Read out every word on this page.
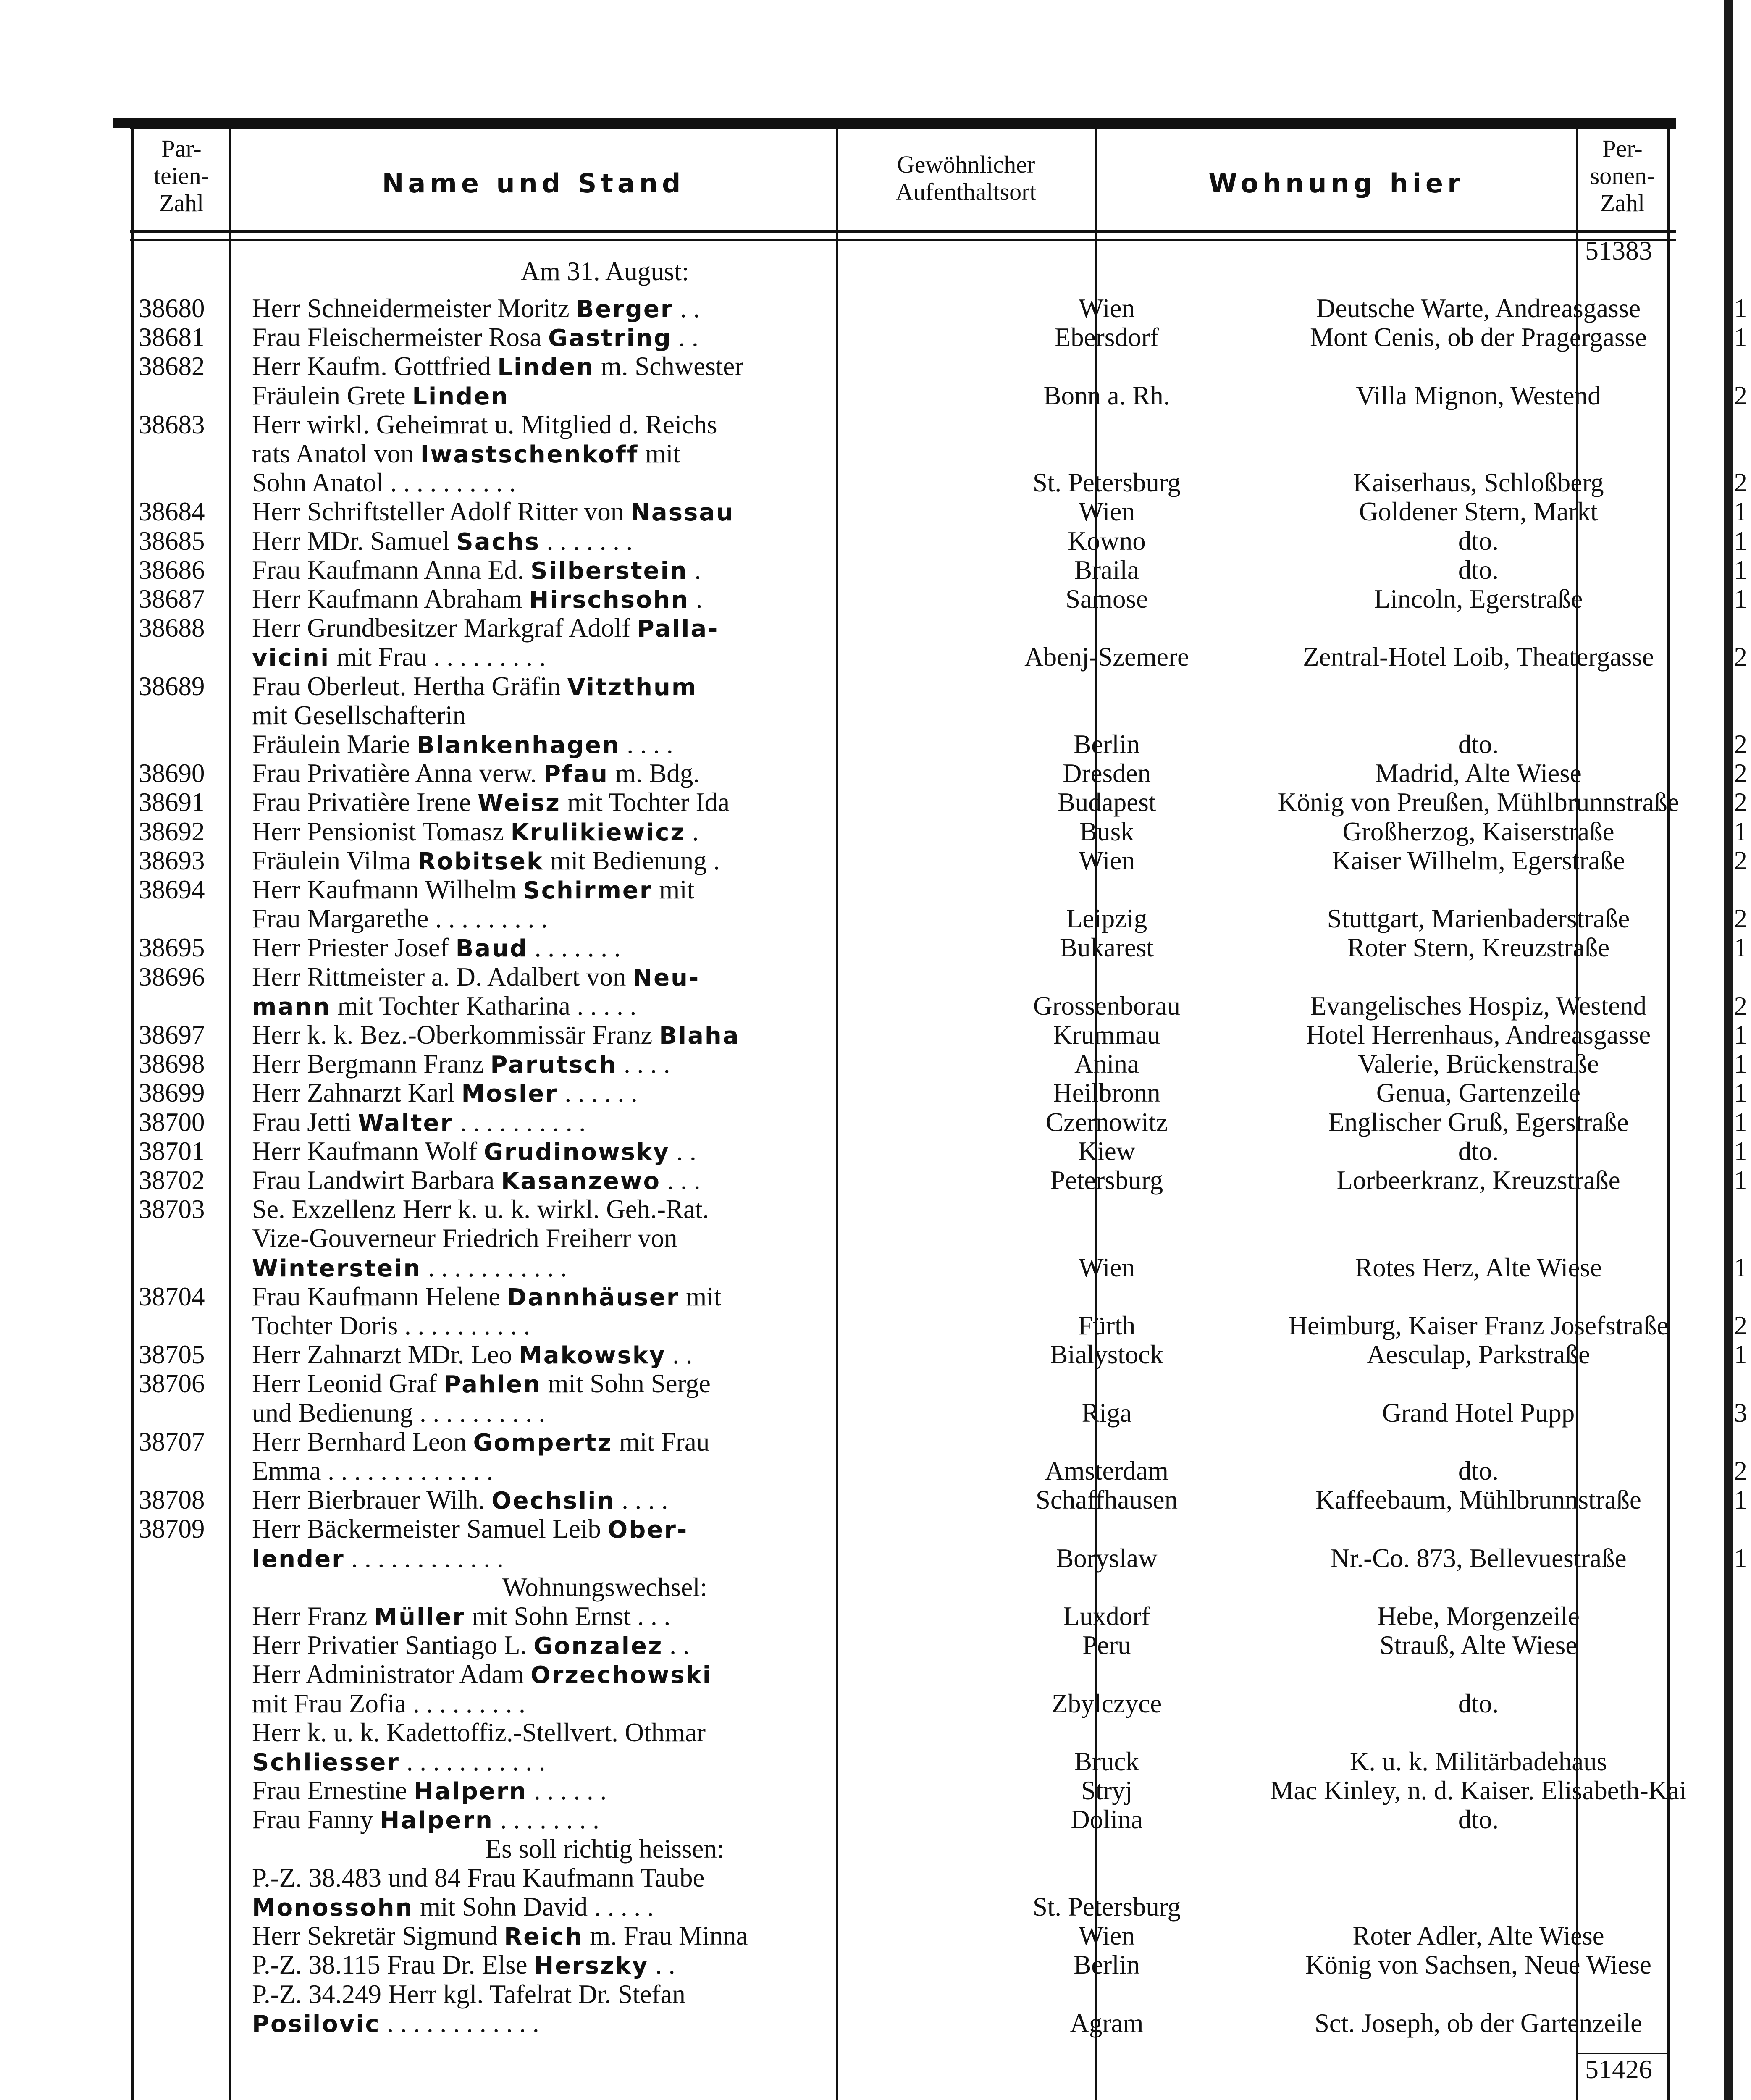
Par-
teien-
Zahl
Name und Stand
Gewöhnlicher
Aufenthaltsort	Wohnung hier
Per-
sonen-
Zahl
51383
Am 31. August:
38680	Herr Schneidermeister Moritz Berger . .	Wien	Deutsche Warte, Andreasgasse	1
38681	Frau Fleischermeister Rosa Gastring . .	Ebersdorf	Mont Cenis, ob der Pragergasse	1
38682	Herr Kaufm. Gottfried Linden m. Schwester
Fräulein Grete Linden	Bonn a. Rh.	Villa Mignon, Westend	2
38683	Herr wirkl. Geheimrat u. Mitglied d. Reichs
rats Anatol von Iwastschenkoff mit
Sohn Anatol . . . . . . . . . .	St. Petersburg	Kaiserhaus, Schloßberg	2
38684	Herr Schriftsteller Adolf Ritter von Nassau	Wien	Goldener Stern, Markt	1
38685	Herr MDr. Samuel Sachs . . . . . . .	Kowno	dto.	1
38686	Frau Kaufmann Anna Ed. Silberstein .	Braila	dto.	1
38687	Herr Kaufmann Abraham Hirschsohn .	Samose	Lincoln, Egerstraße	1
38688	Herr Grundbesitzer Markgraf Adolf Palla-
vicini mit Frau . . . . . . . . .	Abenj-Szemere	Zentral-Hotel Loib, Theatergasse	2
38689	Frau Oberleut. Hertha Gräfin Vitzthum
mit Gesellschafterin
Fräulein Marie Blankenhagen . . . .	Berlin	dto.	2
38690	Frau Privatière Anna verw. Pfau m. Bdg.	Dresden	Madrid, Alte Wiese	2
38691	Frau Privatière Irene Weisz mit Tochter Ida	Budapest	König von Preußen, Mühlbrunnstraße	2
38692	Herr Pensionist Tomasz Krulikiewicz .	Busk	Großherzog, Kaiserstraße	1
38693	Fräulein Vilma Robitsek mit Bedienung .	Wien	Kaiser Wilhelm, Egerstraße	2
38694	Herr Kaufmann Wilhelm Schirmer mit
Frau Margarethe . . . . . . . . .	Leipzig	Stuttgart, Marienbaderstraße	2
38695	Herr Priester Josef Baud . . . . . . .	Bukarest	Roter Stern, Kreuzstraße	1
38696	Herr Rittmeister a. D. Adalbert von Neu-
mann mit Tochter Katharina . . . . .	Grossenborau	Evangelisches Hospiz, Westend	2
38697	Herr k. k. Bez.-Oberkommissär Franz Blaha	Krummau	Hotel Herrenhaus, Andreasgasse	1
38698	Herr Bergmann Franz Parutsch . . . .	Anina	Valerie, Brückenstraße	1
38699	Herr Zahnarzt Karl Mosler . . . . . .	Heilbronn	Genua, Gartenzeile	1
38700	Frau Jetti Walter . . . . . . . . . .	Czernowitz	Englischer Gruß, Egerstraße	1
38701	Herr Kaufmann Wolf Grudinowsky . .	Kiew	dto.	1
38702	Frau Landwirt Barbara Kasanzewo . . .	Petersburg	Lorbeerkranz, Kreuzstraße	1
38703	Se. Exzellenz Herr k. u. k. wirkl. Geh.-Rat.
Vize-Gouverneur Friedrich Freiherr von
Winterstein . . . . . . . . . . .	Wien	Rotes Herz, Alte Wiese	1
38704	Frau Kaufmann Helene Dannhäuser mit
Tochter Doris . . . . . . . . . .	Fürth	Heimburg, Kaiser Franz Josefstraße	2
38705	Herr Zahnarzt MDr. Leo Makowsky . .	Bialystock	Aesculap, Parkstraße	1
38706	Herr Leonid Graf Pahlen mit Sohn Serge
und Bedienung . . . . . . . . . .	Riga	Grand Hotel Pupp	3
38707	Herr Bernhard Leon Gompertz mit Frau
Emma . . . . . . . . . . . . .	Amsterdam	dto.	2
38708	Herr Bierbrauer Wilh. Oechslin . . . .	Schaffhausen	Kaffeebaum, Mühlbrunnstraße	1
38709	Herr Bäckermeister Samuel Leib Ober-
lender . . . . . . . . . . . .	Boryslaw	Nr.-Co. 873, Bellevuestraße	1
Herr Franz Müller mit Sohn Ernst . . .	Luxdorf	Hebe, Morgenzeile
Herr Privatier Santiago L. Gonzalez . .	Peru	Strauß, Alte Wiese
Herr Administrator Adam Orzechowski
mit Frau Zofia . . . . . . . . .	Zbylczyce	dto.
Herr k. u. k. Kadettoffiz.-Stellvert. Othmar
Schliesser . . . . . . . . . . .	Bruck	K. u. k. Militärbadehaus
Frau Ernestine Halpern . . . . . .	Stryj	Mac Kinley, n. d. Kaiser. Elisabeth-Kai
Frau Fanny Halpern . . . . . . . .	Dolina	dto.
P.-Z. 38.483 und 84 Frau Kaufmann Taube
Monossohn mit Sohn David . . . . .	St. Petersburg
Herr Sekretär Sigmund Reich m. Frau Minna	Wien	Roter Adler, Alte Wiese
P.-Z. 38.115 Frau Dr. Else Herszky . .	Berlin	König von Sachsen, Neue Wiese
P.-Z. 34.249 Herr kgl. Tafelrat Dr. Stefan
Posilovic . . . . . . . . . . . .	Agram	Sct. Joseph, ob der Gartenzeile
Wohnungswechsel:
Es soll richtig heissen:
51426
